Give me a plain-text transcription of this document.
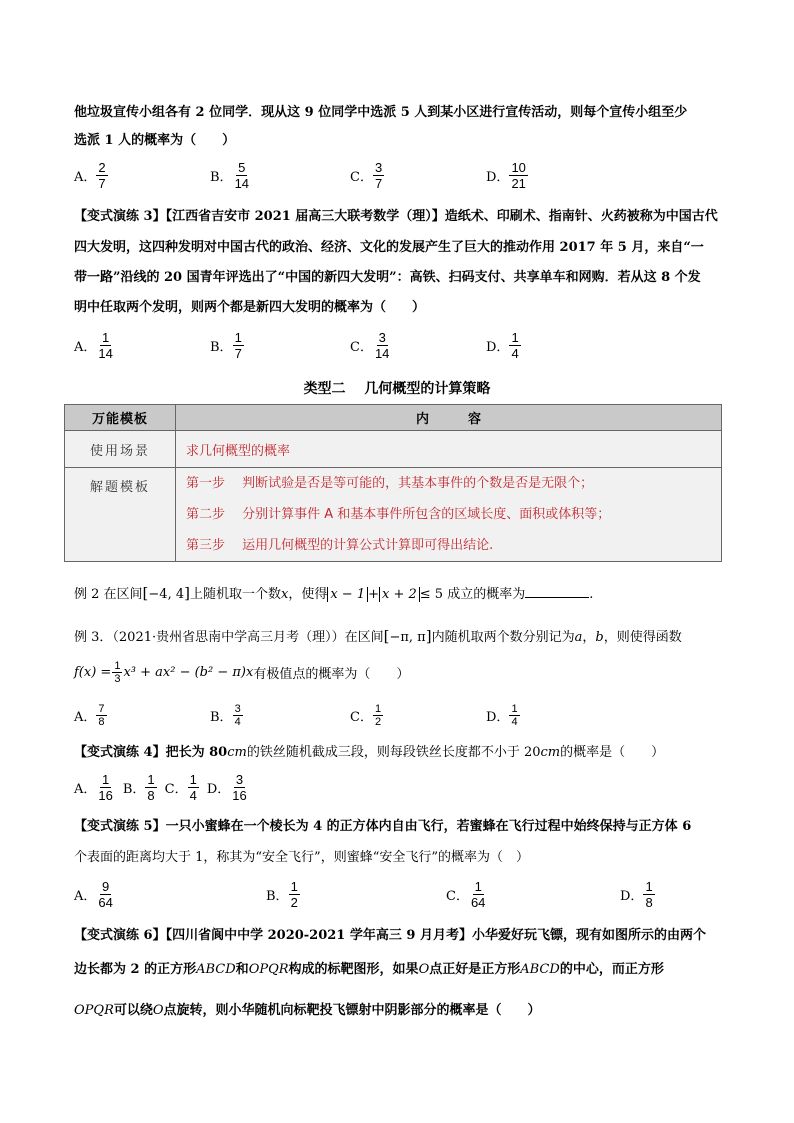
他垃圾宣传小组各有 2 位同学．现从这 9 位同学中选派 5 人到某小区进行宣传活动，则每个宣传小组至少
选派 1 人的概率为（　　）
A． $\frac{2}{7}$	B． $\frac{5}{14}$	C． $\frac{3}{7}$	D． $\frac{10}{21}$
【变式演练 3】【江西省吉安市 2021 届高三大联考数学（理）】造纸术、印刷术、指南针、火药被称为中国古代
四大发明，这四种发明对中国古代的政治、经济、文化的发展产生了巨大的推动作用 2017 年 5 月，来自“一
带一路”沿线的 20 国青年评选出了“中国的新四大发明”：高铁、扫码支付、共享单车和网购．若从这 8 个发
明中任取两个发明，则两个都是新四大发明的概率为（　　）
A． $\frac{1}{14}$	B． $\frac{1}{7}$	C． $\frac{3}{14}$	D． $\frac{1}{4}$
类型二　 几何概型的计算策略
万能模板	内　　　容
使用场景	求几何概型的概率
解题模板	第一步　 判断试验是否是等可能的，其基本事件的个数是否是无限个；
第二步　 分别计算事件 A 和基本事件所包含的区域长度、面积或体积等；
第三步　 运用几何概型的计算公式计算即可得出结论.
例 2 在区间[−4, 4]上随机取一个数x，使得 x − 1 + x + 2 ≤ 5 成立的概率为	.
例 3．（2021·贵州省思南中学高三月考（理））在区间[−π, π]内随机取两个数分别记为a，b，则使得函数
$f(x) = \frac{1}{3} x^3 + ax^2 - (b^2 - \pi)x$ 有极值点的概率为（　　）
A． $\frac{7}{8}$	B． $\frac{3}{4}$	C． $\frac{1}{2}$	D． $\frac{1}{4}$
【变式演练 4】把长为 80cm的铁丝随机截成三段，则每段铁丝长度都不小于 20cm的概率是（　　）
A． $\frac{1}{16}$ B． $\frac{1}{8}$ C． $\frac{1}{4}$ D． $\frac{3}{16}$
【变式演练 5】一只小蜜蜂在一个棱长为 4 的正方体内自由飞行，若蜜蜂在飞行过程中始终保持与正方体 6
个表面的距离均大于 1，称其为“安全飞行”，则蜜蜂“安全飞行”的概率为（　）
A． $\frac{9}{64}$	B． $\frac{1}{2}$	C． $\frac{1}{64}$	D． $\frac{1}{8}$
【变式演练 6】【四川省阆中中学 2020-2021 学年高三 9 月月考】小华爱好玩飞镖，现有如图所示的由两个
边长都为 2 的正方形ABCD和OPQR构成的标靶图形，如果O点正好是正方形ABCD的中心，而正方形
OPQR可以绕O点旋转，则小华随机向标靶投飞镖射中阴影部分的概率是（　　）
